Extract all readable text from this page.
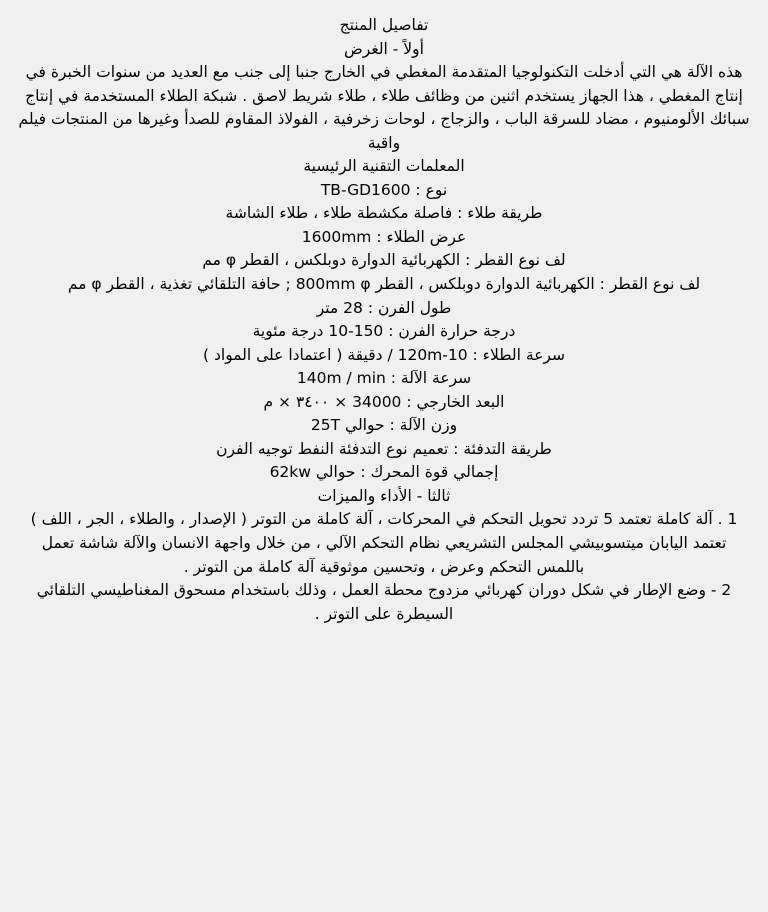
تفاصيل المنتج
أولاً - الغرض
هذه الآلة هي التي أدخلت التكنولوجيا المتقدمة المغطي في الخارج جنبا إلى جنب مع العديد من سنوات الخبرة في إنتاج المغطي ، هذا الجهاز يستخدم اثنين من وظائف طلاء ، طلاء شريط لاصق . شبكة الطلاء المستخدمة في إنتاج سبائك الألومنيوم ، مضاد للسرقة الباب ، والزجاج ، لوحات زخرفية ، الفولاذ المقاوم للصدأ وغيرها من المنتجات فيلم واقية
المعلمات التقنية الرئيسية
نوع : TB-GD1600
طريقة طلاء : فاصلة مكشطة طلاء ، طلاء الشاشة
عرض الطلاء : 1600mm
لف نوع القطر : الكهربائية الدوارة دوبلكس ، القطر φ مم
لف نوع القطر : الكهربائية الدوارة دوبلكس ، القطر 800mm φ ; حافة التلقائي تغذية ، القطر φ مم
طول الفرن : 28 متر
درجة حرارة الفرن : 150-10 درجة مئوية
سرعة الطلاء : 120m-10 / دقيقة ( اعتمادا على المواد )
سرعة الآلة : 140m / min
البعد الخارجي : 34000 × ٣٤٠٠ × م
وزن الآلة : حوالي 25T
طريقة التدفئة : تعميم نوع التدفئة النفط توجيه الفرن
إجمالي قوة المحرك : حوالي 62kw
ثالثا - الأداء والميزات
1 . آلة كاملة تعتمد 5 تردد تحويل التحكم في المحركات ، آلة كاملة من التوتر ( الإصدار ، والطلاء ، الجر ، اللف ) تعتمد اليابان ميتسوبيشي المجلس التشريعي نظام التحكم الآلي ، من خلال واجهة الانسان والآلة شاشة تعمل باللمس التحكم وعرض ، وتحسين موثوقية آلة كاملة من التوتر .
2 - وضع الإطار في شكل دوران كهربائي مزدوج محطة العمل ، وذلك باستخدام مسحوق المغناطيسي التلقائي السيطرة على التوتر .
